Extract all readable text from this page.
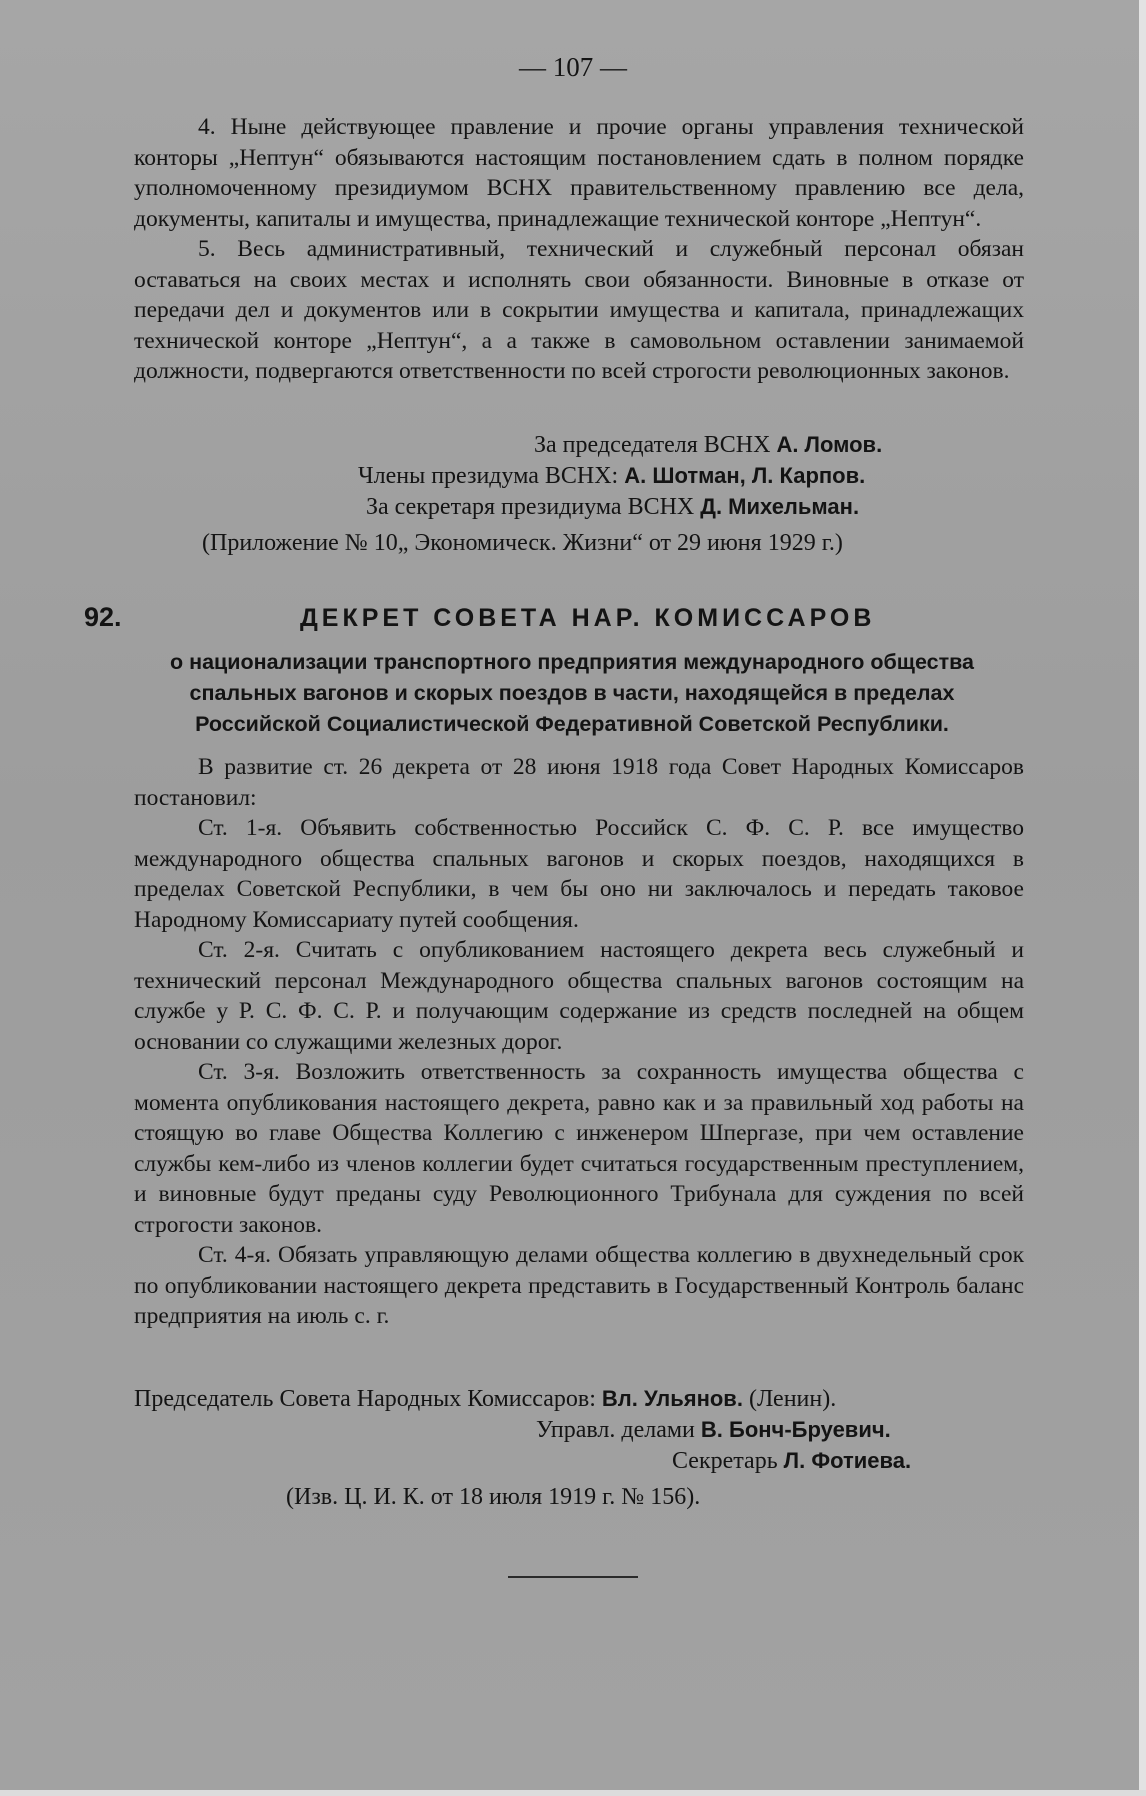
— 107 —

4. Ныне действующее правление и прочие органы управления технической конторы „Нептун“ обязываются настоящим постановлением сдать в полном порядке уполномоченному президиумом ВСНХ правительственному правлению все дела, документы, капиталы и имущества, принадлежащие технической конторе „Нептун“.

5. Весь административный, технический и служебный персонал обязан оставаться на своих местах и исполнять свои обязанности. Виновные в отказе от передачи дел и документов или в сокрытии имущества и капитала, принадлежащих технической конторе „Нептун“, а а также в самовольном оставлении занимаемой должности, подвергаются ответственности по всей строгости революционных законов.

За председателя ВСНХ А. Ломов.
Члены президума ВСНХ: А. Шотман, Л. Карпов.
За секретаря президиума ВСНХ Д. Михельман.
(Приложение № 10„ Экономическ. Жизни“ от 29 июня 1929 г.)
92.	ДЕКРЕТ СОВЕТА НАР. КОМИССАРОВ
о национализации транспортного предприятия международного общества спальных вагонов и скорых поездов в части, находящейся в пределах Российской Социалистической Федеративной Советской Республики.

В развитие ст. 26 декрета от 28 июня 1918 года Совет Народных Комиссаров постановил:

Ст. 1-я. Объявить собственностью Российск С. Ф. С. Р. все имущество международного общества спальных вагонов и скорых поездов, находящихся в пределах Советской Республики, в чем бы оно ни заключалось и передать таковое Народному Комиссариату путей сообщения.

Ст. 2-я. Считать с опубликованием настоящего декрета весь служебный и технический персонал Международного общества спальных вагонов состоящим на службе у Р. С. Ф. С. Р. и получающим содержание из средств последней на общем основании со служащими железных дорог.

Ст. 3-я. Возложить ответственность за сохранность имущества общества с момента опубликования настоящего декрета, равно как и за правильный ход работы на стоящую во главе Общества Коллегию с инженером Шпергазе, при чем оставление службы кем-либо из членов коллегии будет считаться государственным преступлением, и виновные будут преданы суду Революционного Трибунала для суждения по всей строгости законов.

Ст. 4-я. Обязать управляющую делами общества коллегию в двухнедельный срок по опубликовании настоящего декрета представить в Государственный Контроль баланс предприятия на июль с. г.

Председатель Совета Народных Комиссаров: Вл. Ульянов. (Ленин).
Управл. делами В. Бонч-Бруевич.
Секретарь Л. Фотиева.
(Изв. Ц. И. К. от 18 июля 1919 г. № 156).
